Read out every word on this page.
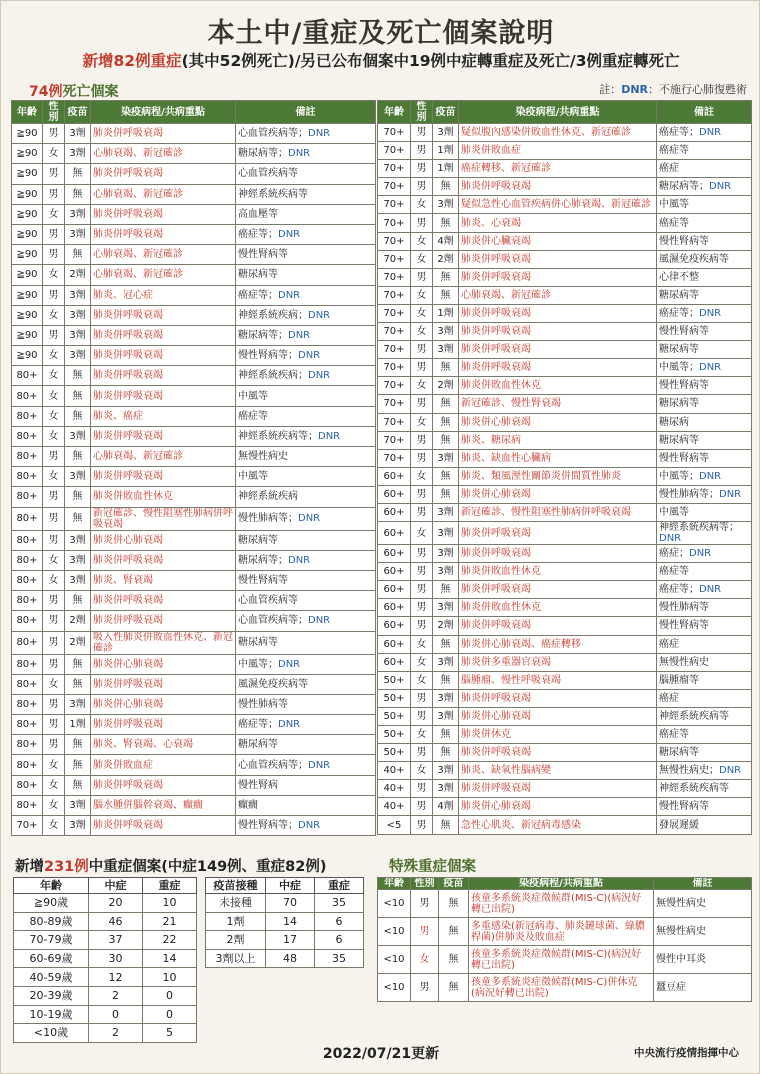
本土中/重症及死亡個案說明
新增82例重症(其中52例死亡)/另已公布個案中19例中症轉重症及死亡/3例重症轉死亡
74例死亡個案	註：DNR：不施行心肺復甦術
年齡	性別	疫苗	染疫病程/共病重點	備註
≧90	男	3劑	肺炎併呼吸衰竭	心血管疾病等；DNR
≧90	女	3劑	心肺衰竭、新冠確診	糖尿病等；DNR
≧90	男	無	肺炎併呼吸衰竭	心血管疾病等
≧90	男	無	心肺衰竭、新冠確診	神經系統疾病等
≧90	女	3劑	肺炎併呼吸衰竭	高血壓等
≧90	男	3劑	肺炎併呼吸衰竭	癌症等；DNR
≧90	男	無	心肺衰竭、新冠確診	慢性腎病等
≧90	女	2劑	心肺衰竭、新冠確診	糖尿病等
≧90	男	3劑	肺炎、冠心症	癌症等；DNR
≧90	女	3劑	肺炎併呼吸衰竭	神經系統疾病；DNR
≧90	男	3劑	肺炎併呼吸衰竭	糖尿病等；DNR
≧90	女	3劑	肺炎併呼吸衰竭	慢性腎病等；DNR
80+	女	無	肺炎併呼吸衰竭	神經系統疾病；DNR
80+	女	無	肺炎併呼吸衰竭	中風等
80+	女	無	肺炎、癌症	癌症等
80+	女	3劑	肺炎併呼吸衰竭	神經系統疾病等；DNR
80+	男	無	心肺衰竭、新冠確診	無慢性病史
80+	女	3劑	肺炎併呼吸衰竭	中風等
80+	男	無	肺炎併敗血性休克	神經系統疾病
80+	男	無	新冠確診、慢性阻塞性肺病併呼吸衰竭	慢性肺病等；DNR
80+	男	3劑	肺炎併心肺衰竭	糖尿病等
80+	女	3劑	肺炎併呼吸衰竭	糖尿病等；DNR
80+	女	3劑	肺炎、腎衰竭	慢性腎病等
80+	男	無	肺炎併呼吸衰竭	心血管疾病等
80+	男	2劑	肺炎併呼吸衰竭	心血管疾病等；DNR
80+	男	2劑	吸入性肺炎併敗血性休克、新冠確診	糖尿病等
80+	男	無	肺炎併心肺衰竭	中風等；DNR
80+	女	無	肺炎併呼吸衰竭	風濕免疫疾病等
80+	男	3劑	肺炎併心肺衰竭	慢性肺病等
80+	男	1劑	肺炎併呼吸衰竭	癌症等；DNR
80+	男	無	肺炎、腎衰竭、心衰竭	糖尿病等
80+	女	無	肺炎併敗血症	心血管疾病等；DNR
80+	女	無	肺炎併呼吸衰竭	慢性腎病
80+	女	3劑	腦水腫併腦幹衰竭、癲癇	癲癇
70+	女	3劑	肺炎併呼吸衰竭	慢性腎病等；DNR
年齡	性別	疫苗	染疫病程/共病重點	備註
70+	男	3劑	疑似腹內感染併敗血性休克、新冠確診	癌症等；DNR
70+	男	1劑	肺炎併敗血症	癌症等
70+	男	1劑	癌症轉移、新冠確診	癌症
70+	男	無	肺炎併呼吸衰竭	糖尿病等；DNR
70+	女	3劑	疑似急性心血管疾病併心肺衰竭、新冠確診	中風等
70+	男	無	肺炎、心衰竭	癌症等
70+	女	4劑	肺炎併心臟衰竭	慢性腎病等
70+	女	2劑	肺炎併呼吸衰竭	風濕免疫疾病等
70+	男	無	肺炎併呼吸衰竭	心律不整
70+	女	無	心肺衰竭、新冠確診	糖尿病等
70+	女	1劑	肺炎併呼吸衰竭	癌症等；DNR
70+	女	3劑	肺炎併呼吸衰竭	慢性腎病等
70+	男	3劑	肺炎併呼吸衰竭	糖尿病等
70+	男	無	肺炎併呼吸衰竭	中風等；DNR
70+	女	2劑	肺炎併敗血性休克	慢性腎病等
70+	男	無	新冠確診、慢性腎衰竭	糖尿病等
70+	女	無	肺炎併心肺衰竭	糖尿病
70+	男	無	肺炎、糖尿病	糖尿病等
70+	男	3劑	肺炎、缺血性心臟病	慢性腎病等
60+	女	無	肺炎、類風溼性關節炎併間質性肺炎	中風等；DNR
60+	男	無	肺炎併心肺衰竭	慢性肺病等；DNR
60+	男	3劑	新冠確診、慢性阻塞性肺病併呼吸衰竭	中風等
60+	女	3劑	肺炎併呼吸衰竭	神經系統疾病等；DNR
60+	男	3劑	肺炎併呼吸衰竭	癌症；DNR
60+	男	3劑	肺炎併敗血性休克	癌症等
60+	男	無	肺炎併呼吸衰竭	癌症等；DNR
60+	男	3劑	肺炎併敗血性休克	慢性肺病等
60+	男	2劑	肺炎併呼吸衰竭	慢性腎病等
60+	女	無	肺炎併心肺衰竭、癌症轉移	癌症
60+	女	3劑	肺炎併多重器官衰竭	無慢性病史
50+	女	無	腦腫瘤、慢性呼吸衰竭	腦腫瘤等
50+	男	3劑	肺炎併呼吸衰竭	癌症
50+	男	3劑	肺炎併心肺衰竭	神經系統疾病等
50+	女	無	肺炎併休克	癌症等
50+	男	無	肺炎併呼吸衰竭	糖尿病等
40+	女	3劑	肺炎、缺氧性腦病變	無慢性病史；DNR
40+	男	3劑	肺炎併呼吸衰竭	神經系統疾病等
40+	男	4劑	肺炎併心肺衰竭	慢性腎病等
<5	男	無	急性心肌炎、新冠病毒感染	發展遲緩
新增231例中重症個案(中症149例、重症82例)	特殊重症個案
年齡	中症	重症
≧90歲	20	10
80-89歲	46	21
70-79歲	37	22
60-69歲	30	14
40-59歲	12	10
20-39歲	2	0
10-19歲	0	0
<10歲	2	5
疫苗接種	中症	重症
未接種	70	35
1劑	14	6
2劑	17	6
3劑以上	48	35
年齡	性別	疫苗	染疫病程/共病重點	備註
<10	男	無	孩童多系統炎症徵候群(MIS-C)(病況好轉已出院)	無慢性病史
<10	男	無	多重感染(新冠病毒、肺炎鏈球菌、綠膿桿菌)併肺炎及敗血症	無慢性病史
<10	女	無	孩童多系統炎症徵候群(MIS-C)(病況好轉已出院)	慢性中耳炎
<10	男	無	孩童多系統炎症徵候群(MIS-C)併休克(病況好轉已出院)	蠶豆症
2022/07/21更新	中央流行疫情指揮中心
